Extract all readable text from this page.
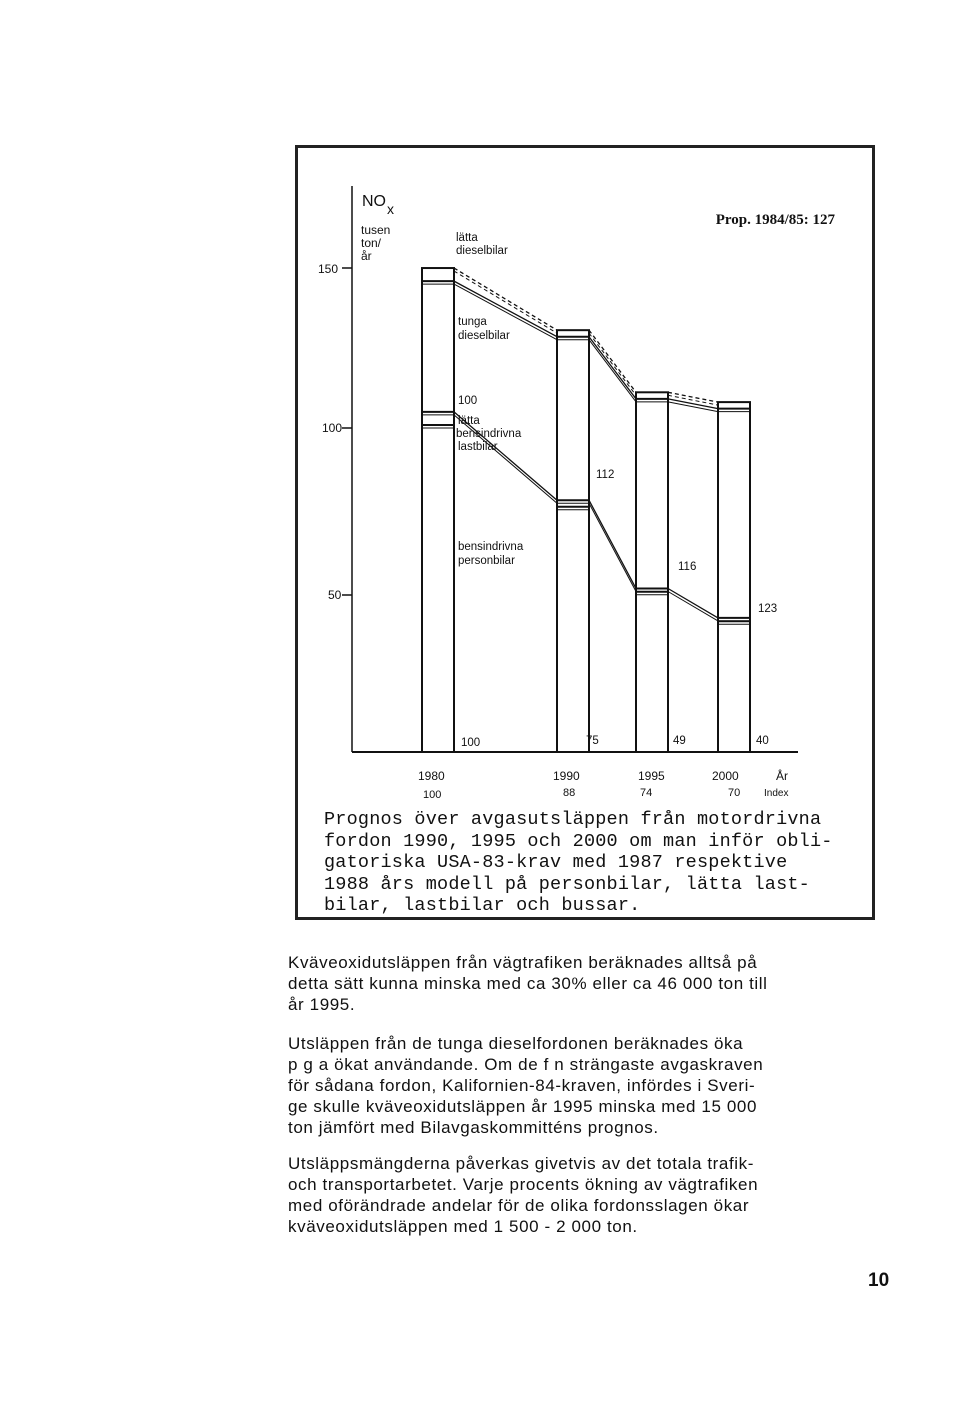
NO x
tusen
ton/
år
Prop. 1984/85: 127
150
100
50
lätta
dieselbilar
tunga
dieselbilar
100
lätta
bensindrivna
lastbilar
bensindrivna
personbilar
112
116
123
100	75	49	40
1980	1990	1995	2000	År
100	88	74	70 Index
Prognos över avgasutsläppen från motordrivna
fordon 1990, 1995 och 2000 om man inför obli-
gatoriska USA-83-krav med 1987 respektive
1988 års modell på personbilar, lätta last-
bilar, lastbilar och bussar.
Kväveoxidutsläppen från vägtrafiken beräknades alltså på
detta sätt kunna minska med ca 30% eller ca 46 000 ton till
år 1995.
Utsläppen från de tunga dieselfordonen beräknades öka
p g a ökat användande. Om de f n strängaste avgaskraven
för sådana fordon, Kalifornien-84-kraven, infördes i Sveri-
ge skulle kväveoxidutsläppen år 1995 minska med 15 000
ton jämfört med Bilavgaskommitténs prognos.
Utsläppsmängderna påverkas givetvis av det totala trafik-
och transportarbetet. Varje procents ökning av vägtrafiken
med oförändrade andelar för de olika fordonsslagen ökar
kväveoxidutsläppen med 1 500 - 2 000 ton.
10
